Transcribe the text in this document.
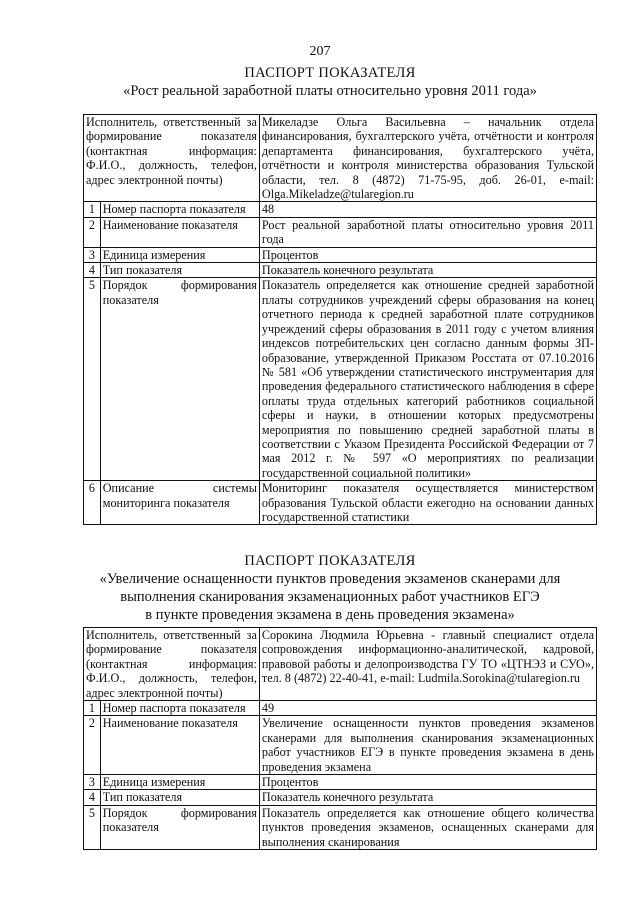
207
ПАСПОРТ ПОКАЗАТЕЛЯ
«Рост реальной заработной платы относительно уровня 2011 года»
Исполнитель, ответственный за формирование показателя (контактная информация: Ф.И.О., должность, телефон, адрес электронной почты)		Микеладзе Ольга Васильевна – начальник отдела финансирования, бухгалтерского учёта, отчётности и контроля департамента финансирования, бухгалтерского учёта, отчётности и контроля министерства образования Тульской области, тел. 8 (4872) 71-75-95, доб. 26-01, e-mail: Olga.Mikeladze@tularegion.ru
1	Номер паспорта показателя	48
2	Наименование показателя	Рост реальной заработной платы относительно уровня 2011 года
3	Единица измерения	Процентов
4	Тип показателя	Показатель конечного результата
5	Порядок формирования показателя	Показатель определяется как отношение средней заработной платы сотрудников учреждений сферы образования на конец отчетного периода к средней заработной плате сотрудников учреждений сферы образования в 2011 году с учетом влияния индексов потребительских цен согласно данным формы ЗП-образование, утвержденной Приказом Росстата от 07.10.2016 № 581 «Об утверждении статистического инструментария для проведения федерального статистического наблюдения в сфере оплаты труда отдельных категорий работников социальной сферы и науки, в отношении которых предусмотрены мероприятия по повышению средней заработной платы в соответствии с Указом Президента Российской Федерации от 7 мая 2012 г. № 597 «О мероприятиях по реализации государственной социальной политики»
6	Описание системы мониторинга показателя	Мониторинг показателя осуществляется министерством образования Тульской области ежегодно на основании данных государственной статистики
ПАСПОРТ ПОКАЗАТЕЛЯ
«Увеличение оснащенности пунктов проведения экзаменов сканерами для
выполнения сканирования экзаменационных работ участников ЕГЭ
в пункте проведения экзамена в день проведения экзамена»
Исполнитель, ответственный за формирование показателя (контактная информация: Ф.И.О., должность, телефон, адрес электронной почты)		Сорокина Людмила Юрьевна - главный специалист отдела сопровождения информационно-аналитической, кадровой, правовой работы и делопроизводства ГУ ТО «ЦТНЭЗ и СУО», тел. 8 (4872) 22-40-41, e-mail: Ludmila.Sorokina@tularegion.ru
1	Номер паспорта показателя	49
2	Наименование показателя	Увеличение оснащенности пунктов проведения экзаменов сканерами для выполнения сканирования экзаменационных работ участников ЕГЭ в пункте проведения экзамена в день проведения экзамена
3	Единица измерения	Процентов
4	Тип показателя	Показатель конечного результата
5	Порядок формирования показателя	Показатель определяется как отношение общего количества пунктов проведения экзаменов, оснащенных сканерами для выполнения сканирования
